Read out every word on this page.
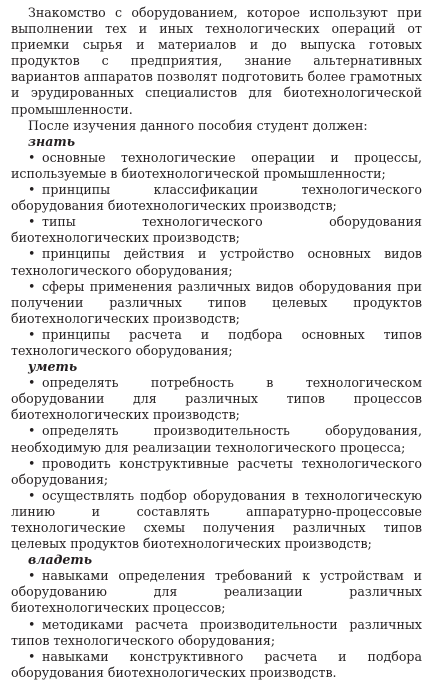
Знакомство с оборудованием, которое используют при выполнении тех и иных технологических операций от приемки сырья и материалов и до выпуска готовых продуктов с предприятия, знание альтернативных вариантов аппаратов позволят подготовить более грамотных и эрудированных специалистов для биотехнологической промышленности.

После изучения данного пособия студент должен:

знать

• основные технологические операции и процессы, используемые в биотехнологической промышленности;

• принципы классификации технологического оборудования биотехнологических производств;

• типы технологического оборудования биотехнологических производств;

• принципы действия и устройство основных видов технологического оборудования;

• сферы применения различных видов оборудования при получении различных типов целевых продуктов биотехнологических производств;

• принципы расчета и подбора основных типов технологического оборудования;

уметь

• определять потребность в технологическом оборудовании для различных типов процессов биотехнологических производств;

• определять производительность оборудования, необходимую для реализации технологического процесса;

• проводить конструктивные расчеты технологического оборудования;

• осуществлять подбор оборудования в технологическую линию и составлять аппаратурно-процессовые технологические схемы получения различных типов целевых продуктов биотехнологических производств;

владеть

• навыками определения требований к устройствам и оборудованию для реализации различных биотехнологических процессов;

• методиками расчета производительности различных типов технологического оборудования;

• навыками конструктивного расчета и подбора оборудования биотехнологических производств.
